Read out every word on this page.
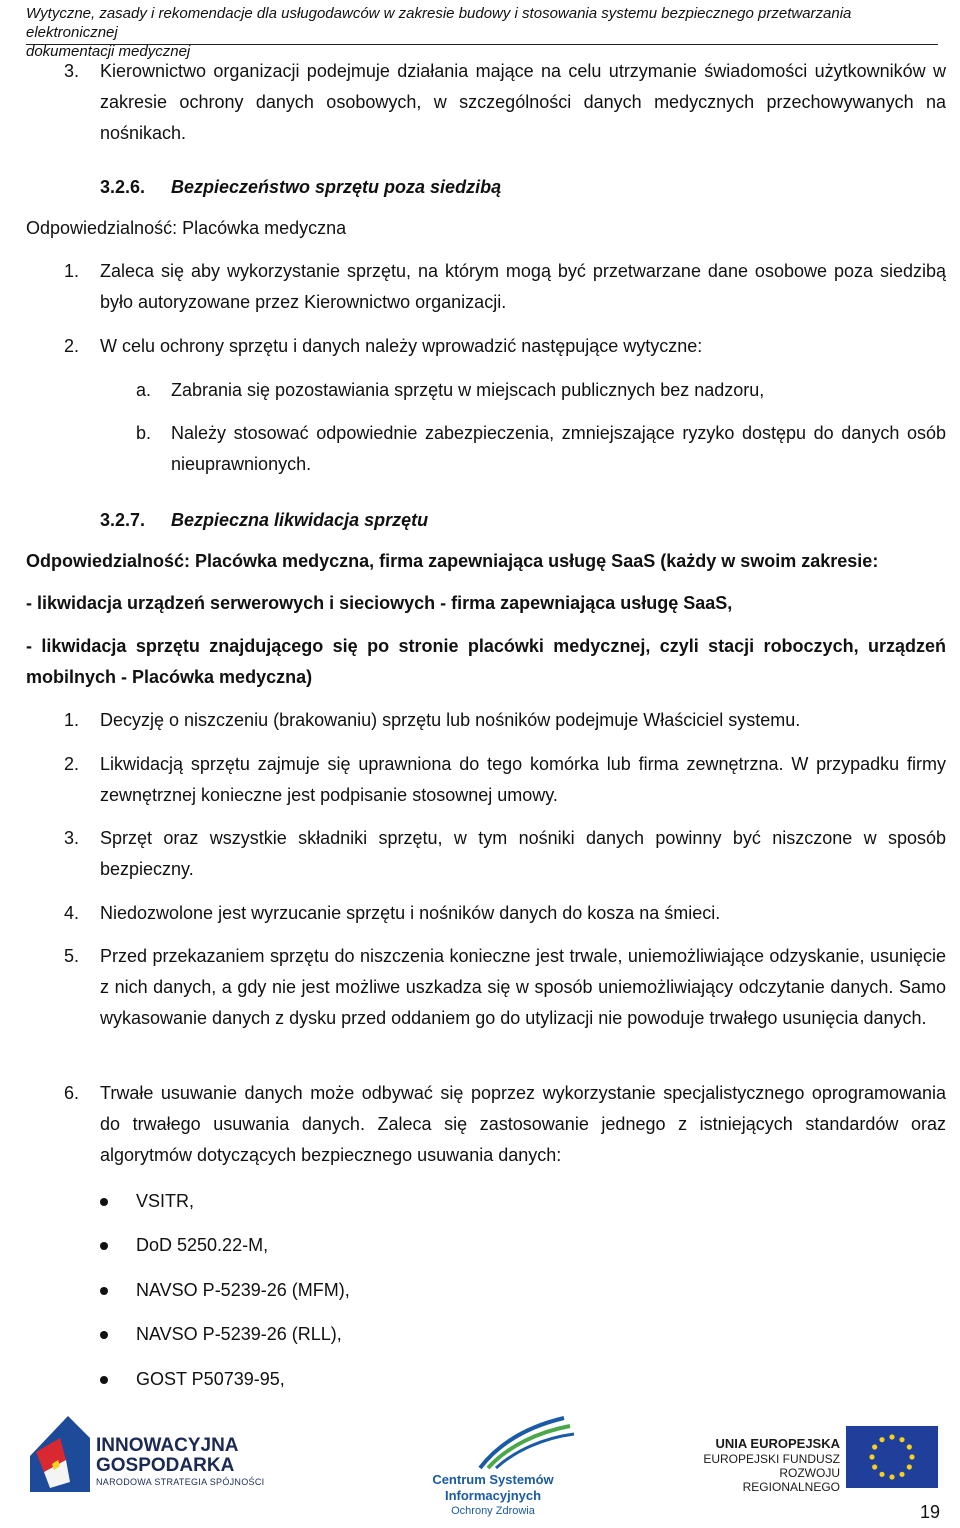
Wytyczne, zasady i rekomendacje dla usługodawców w zakresie budowy i stosowania systemu bezpiecznego przetwarzania elektronicznej
dokumentacji medycznej
3. Kierownictwo organizacji podejmuje działania mające na celu utrzymanie świadomości użytkowników w zakresie ochrony danych osobowych, w szczególności danych medycznych przechowywanych na nośnikach.
3.2.6. Bezpieczeństwo sprzętu poza siedzibą
Odpowiedzialność: Placówka medyczna
1. Zaleca się aby wykorzystanie sprzętu, na którym mogą być przetwarzane dane osobowe poza siedzibą było autoryzowane przez Kierownictwo organizacji.
2. W celu ochrony sprzętu i danych należy wprowadzić następujące wytyczne:
a. Zabrania się pozostawiania sprzętu w miejscach publicznych bez nadzoru,
b. Należy stosować odpowiednie zabezpieczenia, zmniejszające ryzyko dostępu do danych osób nieuprawnionych.
3.2.7. Bezpieczna likwidacja sprzętu
Odpowiedzialność: Placówka medyczna, firma zapewniająca usługę SaaS (każdy w swoim zakresie:
- likwidacja urządzeń serwerowych i sieciowych - firma zapewniająca usługę SaaS,
- likwidacja sprzętu znajdującego się po stronie placówki medycznej, czyli stacji roboczych, urządzeń mobilnych - Placówka medyczna)
1. Decyzję o niszczeniu (brakowaniu) sprzętu lub nośników podejmuje Właściciel systemu.
2. Likwidacją sprzętu zajmuje się uprawniona do tego komórka lub firma zewnętrzna. W przypadku firmy zewnętrznej konieczne jest podpisanie stosownej umowy.
3. Sprzęt oraz wszystkie składniki sprzętu, w tym nośniki danych powinny być niszczone w sposób bezpieczny.
4. Niedozwolone jest wyrzucanie sprzętu i nośników danych do kosza na śmieci.
5. Przed przekazaniem sprzętu do niszczenia konieczne jest trwale, uniemożliwiające odzyskanie, usunięcie z nich danych, a gdy nie jest możliwe uszkadza się w sposób uniemożliwiający odczytanie danych. Samo wykasowanie danych z dysku przed oddaniem go do utylizacji nie powoduje trwałego usunięcia danych.
6. Trwałe usuwanie danych może odbywać się poprzez wykorzystanie specjalistycznego oprogramowania do trwałego usuwania danych. Zaleca się zastosowanie jednego z istniejących standardów oraz algorytmów dotyczących bezpiecznego usuwania danych:
VSITR,
DoD 5250.22-M,
NAVSO P-5239-26 (MFM),
NAVSO P-5239-26 (RLL),
GOST P50739-95,
INNOWACYJNA
GOSPODARKA
NARODOWA STRATEGIA SPÓJNOŚCI	Centrum Systemów Informacyjnych
Ochrony Zdrowia
UNIA EUROPEJSKA
EUROPEJSKI FUNDUSZ
ROZWOJU REGIONALNEGO
19
